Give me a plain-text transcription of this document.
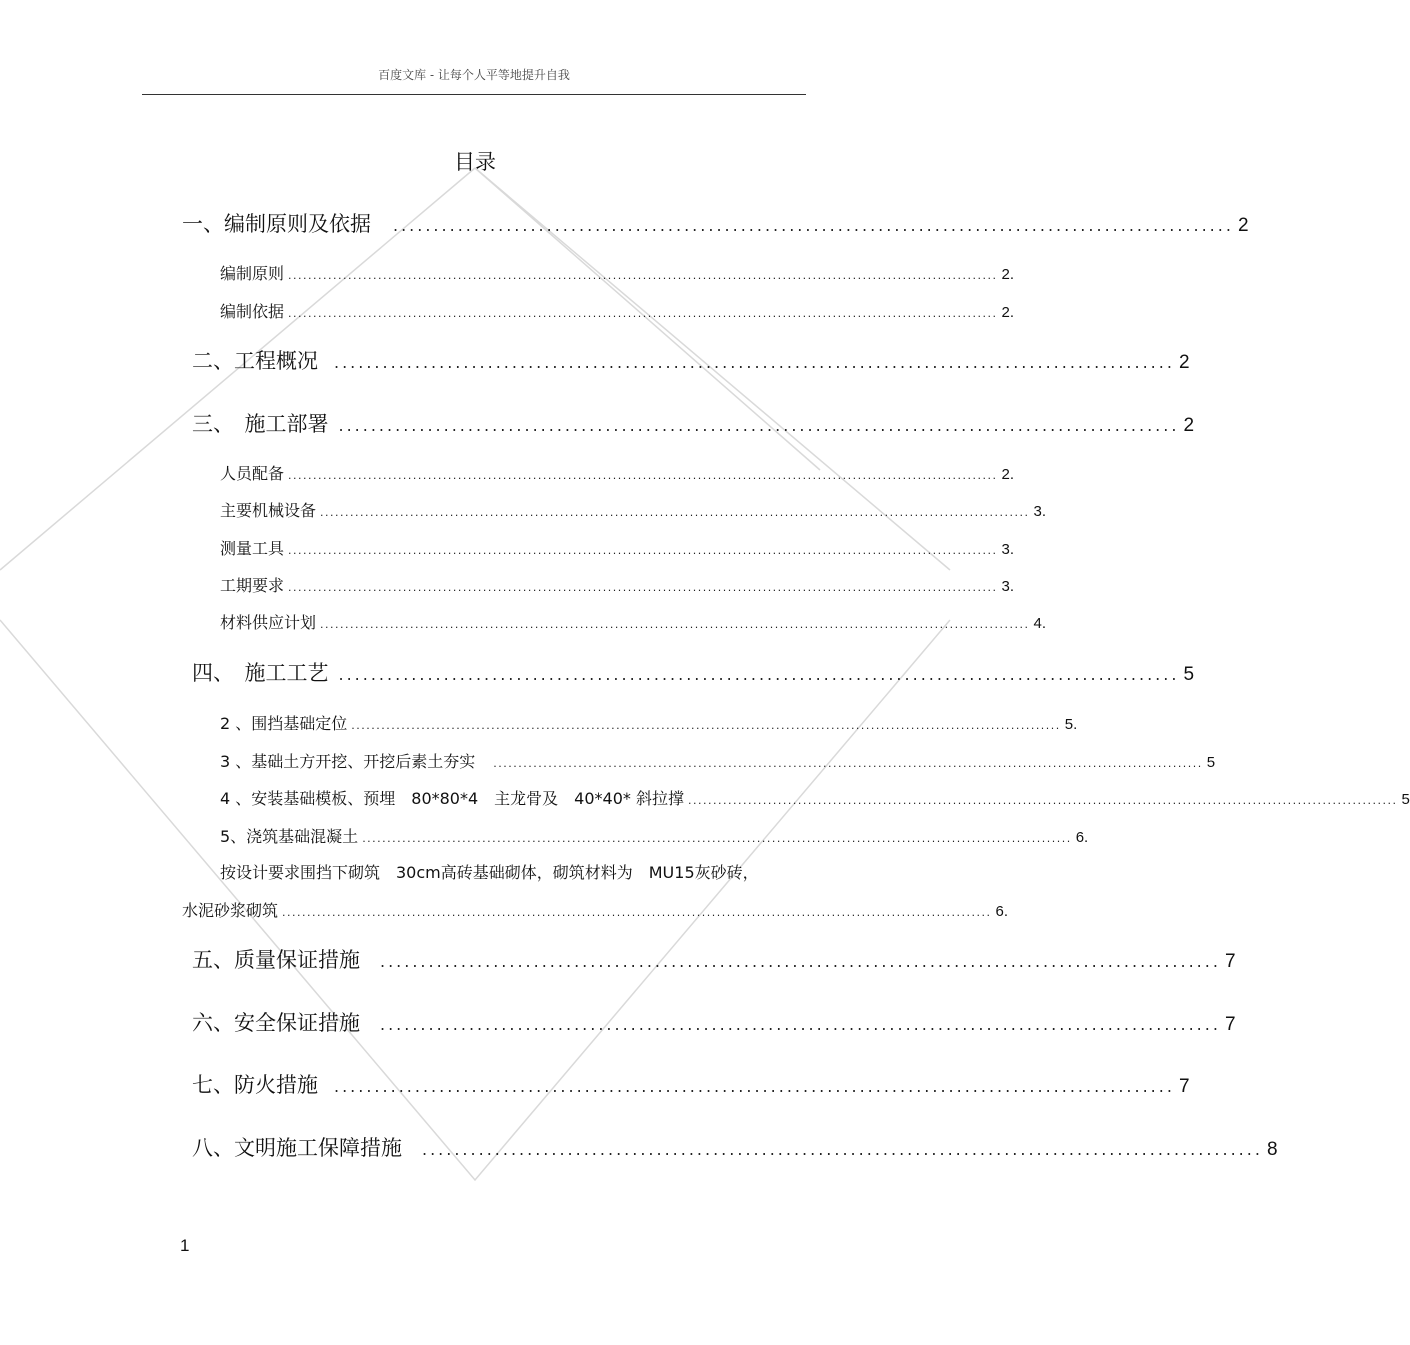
百度文库 - 让每个人平等地提升自我
目录
一、编制原则及依据 ........................................................................................................ 2
编制原则 .............................................................................................................................................. 2.
编制依据 .............................................................................................................................................. 2.
二、工程概况 ........................................................................................................ 2
三、　施工部署 ........................................................................................................ 2
人员配备 .............................................................................................................................................. 2.
主要机械设备 .............................................................................................................................................. 3.
测量工具 .............................................................................................................................................. 3.
工期要求 .............................................................................................................................................. 3.
材料供应计划 .............................................................................................................................................. 4.
四、　施工工艺 ........................................................................................................ 5
2 、围挡基础定位 .............................................................................................................................................. 5.
3 、基础土方开挖、开挖后素土夯实 .............................................................................................................................................. 5
4 、安装基础模板、预埋　80*80*4　主龙骨及　40*40* 斜拉撑 .............................................................................................................................................. 5
5、浇筑基础混凝土 .............................................................................................................................................. 6.
按设计要求围挡下砌筑　30cm高砖基础砌体，砌筑材料为　MU15灰砂砖，
水泥砂浆砌筑 .............................................................................................................................................. 6.
五、质量保证措施 ........................................................................................................ 7
六、安全保证措施 ........................................................................................................ 7
七、防火措施 ........................................................................................................ 7
八、文明施工保障措施 ........................................................................................................ 8
1
